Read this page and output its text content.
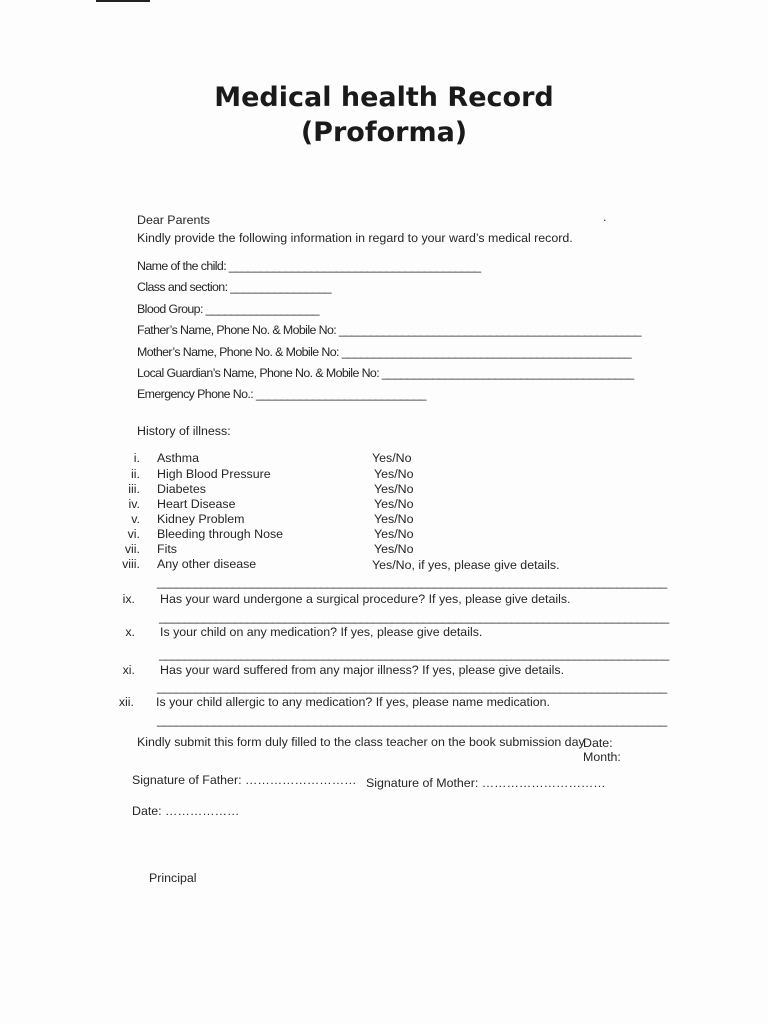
Medical health Record
(Proforma)
Dear Parents	.
Kindly provide the following information in regard to your ward’s medical record.
Name of the child: ________________________________________
Class and section: ________________
Blood Group: __________________
Father’s Name, Phone No. & Mobile No: ________________________________________________
Mother’s Name, Phone No. & Mobile No: ______________________________________________
Local Guardian’s Name, Phone No. & Mobile No: ________________________________________
Emergency Phone No.: ___________________________
History of illness:
i. Asthma	Yes/No
ii. High Blood Pressure	Yes/No
iii. Diabetes	Yes/No
iv. Heart Disease	Yes/No
v. Kidney Problem	Yes/No
vi. Bleeding through Nose	Yes/No
vii. Fits	Yes/No
viii. Any other disease	Yes/No, if yes, please give details.
_________________________________________________________________________________
ix. Has your ward undergone a surgical procedure? If yes, please give details.
_________________________________________________________________________________
x. Is your child on any medication? If yes, please give details.
_________________________________________________________________________________
xi. Has your ward suffered from any major illness? If yes, please give details.
_________________________________________________________________________________
xii. Is your child allergic to any medication? If yes, please name medication.
_________________________________________________________________________________
Kindly submit this form duly filled to the class teacher on the book submission day
Date:
Month:
Signature of Father: ……………………… Signature of Mother: …………………………
Date: ………………
Principal
